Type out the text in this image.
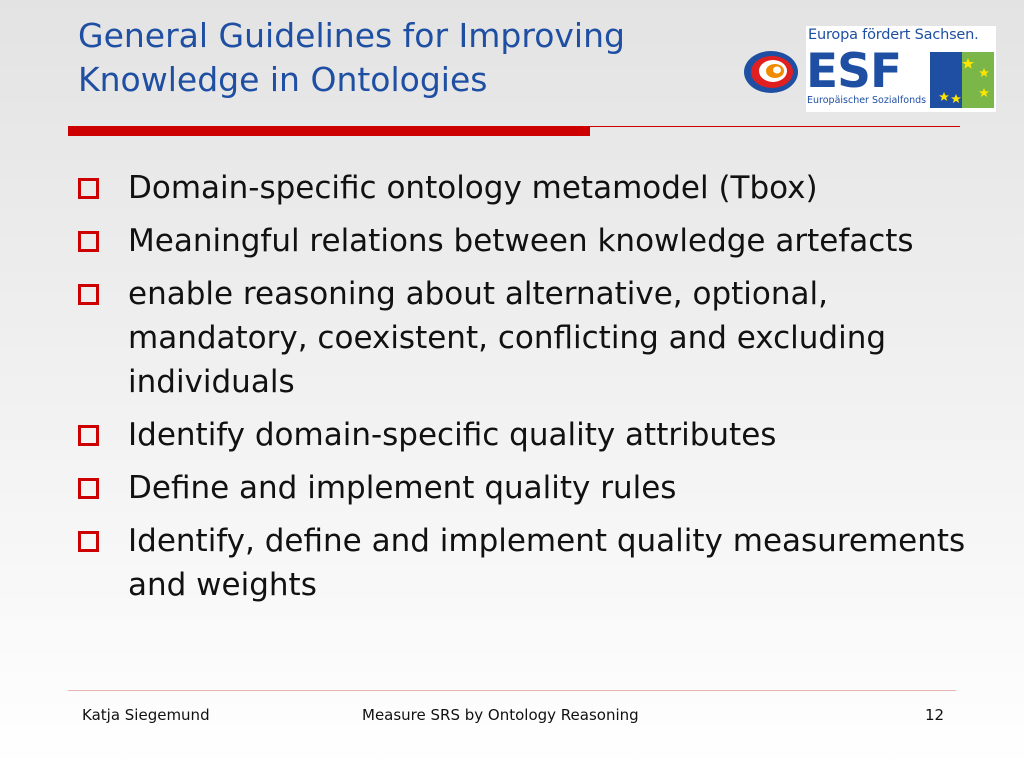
General Guidelines for Improving
Knowledge in Ontologies
Europa fördert Sachsen.
ESF
Europäischer Sozialfonds
Domain-specific ontology metamodel (Tbox)
Meaningful relations between knowledge artefacts
enable reasoning about alternative, optional, mandatory, coexistent, conflicting and excluding individuals
Identify domain-specific quality attributes
Define and implement quality rules
Identify, define and implement quality measurements and weights
Katja Siegemund	Measure SRS by Ontology Reasoning	12
